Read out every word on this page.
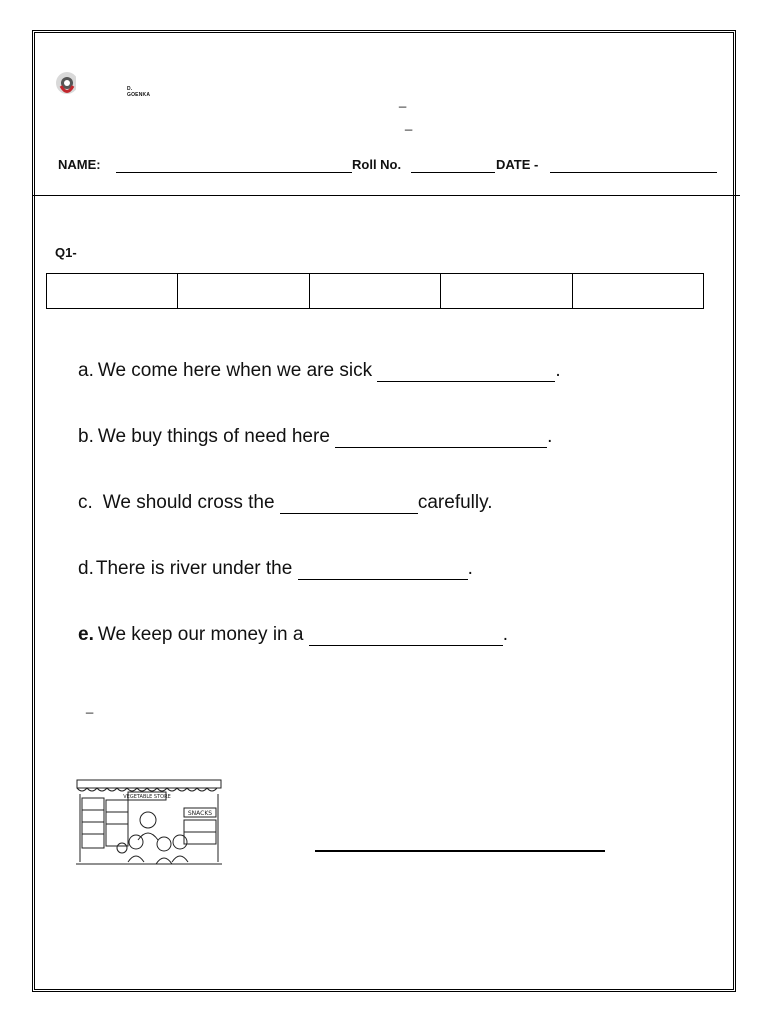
D. GOENKA	_
_
NAME:	Roll No.	DATE -
Q1-

a. We come here when we are sick	.
b. We buy things of need here	.
c. We should cross the	carefully.
d. There is river under the	.
e. We keep our money in a	.
_
VEGETABLE STORE
SNACKS
